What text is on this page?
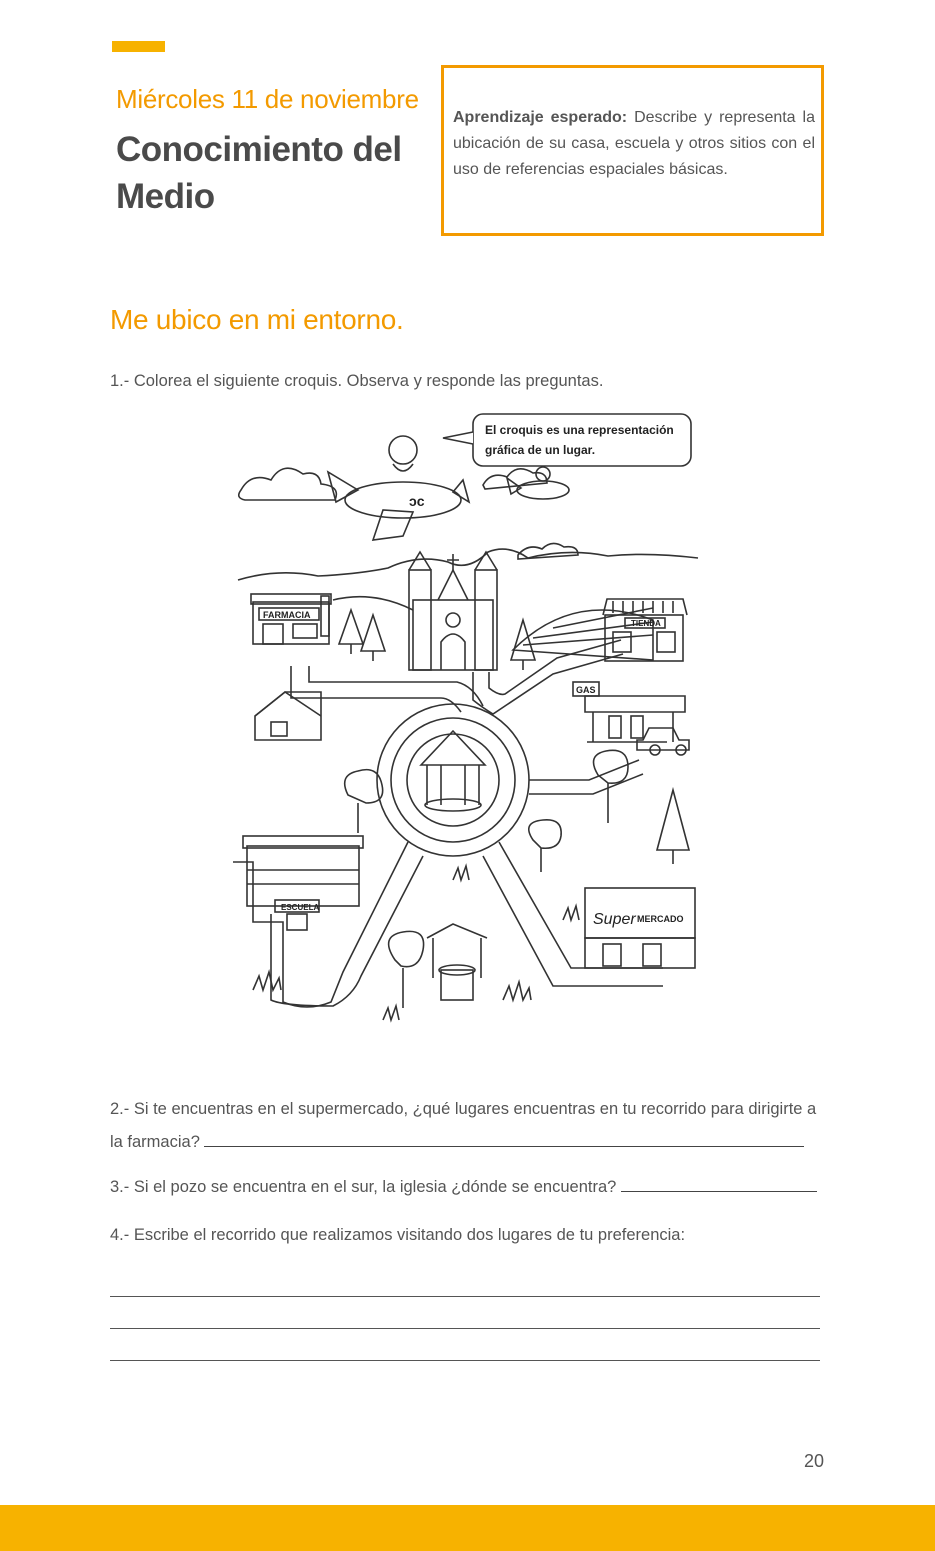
Miércoles 11 de noviembre
Conocimiento del Medio
Aprendizaje esperado: Describe y representa la ubicación de su casa, escuela y otros sitios con el uso de referencias espaciales básicas.
Me ubico en mi entorno.
1.- Colorea el siguiente croquis. Observa y responde las preguntas.
El croquis es una representación
gráfica de un lugar.
ɔc
FARMACIA
TIENDA
GAS
ESCUELA
Super MERCADO
2.- Si te encuentras en el supermercado, ¿qué lugares encuentras en tu recorrido para dirigirte a la farmacia?
3.- Si el pozo se encuentra en el sur, la iglesia ¿dónde se encuentra?
4.- Escribe el recorrido que realizamos visitando dos lugares de tu preferencia:
20
